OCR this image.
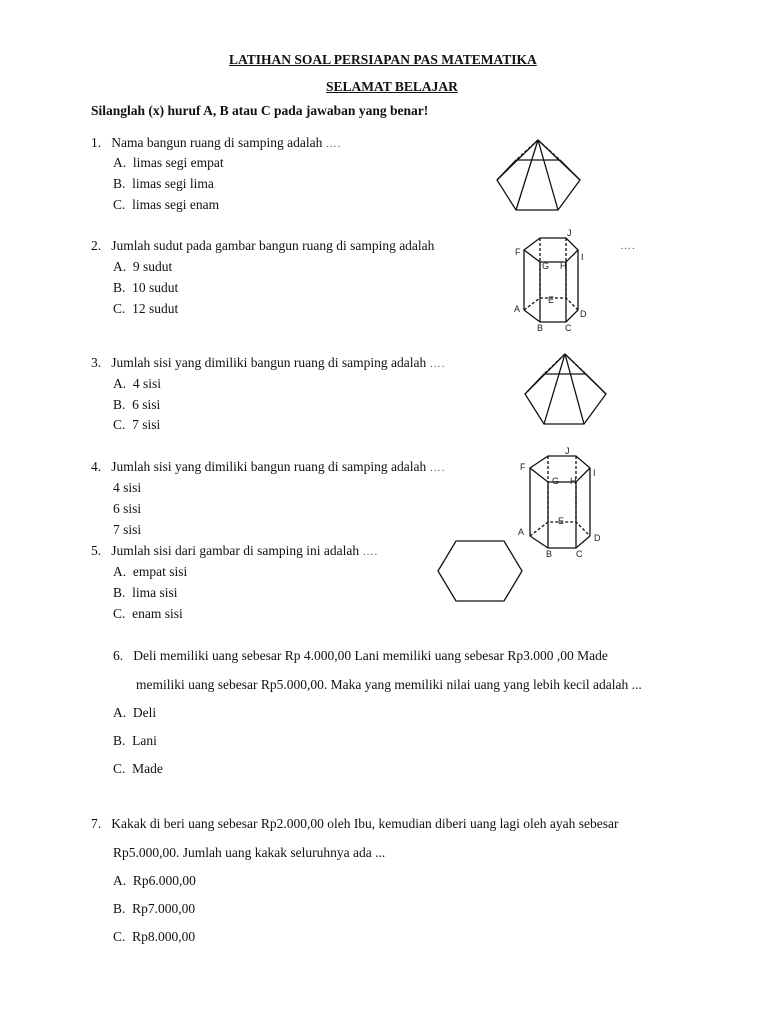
LATIHAN SOAL PERSIAPAN PAS MATEMATIKA
SELAMAT BELAJAR
Silanglah (x) huruf A, B atau C pada jawaban yang benar!
1. Nama bangun ruang di samping adalah ….
A. limas segi empat
B. limas segi lima
C. limas segi enam
2. Jumlah sudut pada gambar bangun ruang di samping adalah	….
A. 9 sudut
B. 10 sudut
C. 12 sudut
J
F
G H
I
E
A
B C
D
3. Jumlah sisi yang dimiliki bangun ruang di samping adalah ….
A. 4 sisi
B. 6 sisi
C. 7 sisi
4. Jumlah sisi yang dimiliki bangun ruang di samping adalah ….
4 sisi
6 sisi
7 sisi
J
F
G H
I
E
A
B	C
D
5. Jumlah sisi dari gambar di samping ini adalah ….
A. empat sisi
B. lima sisi
C. enam sisi
6. Deli memiliki uang sebesar Rp 4.000,00 Lani memiliki uang sebesar Rp3.000 ,00 Made
memiliki uang sebesar Rp5.000,00. Maka yang memiliki nilai uang yang lebih kecil adalah ...
A. Deli
B. Lani
C. Made
7. Kakak di beri uang sebesar Rp2.000,00 oleh Ibu, kemudian diberi uang lagi oleh ayah sebesar
Rp5.000,00. Jumlah uang kakak seluruhnya ada ...
A. Rp6.000,00
B. Rp7.000,00
C. Rp8.000,00
